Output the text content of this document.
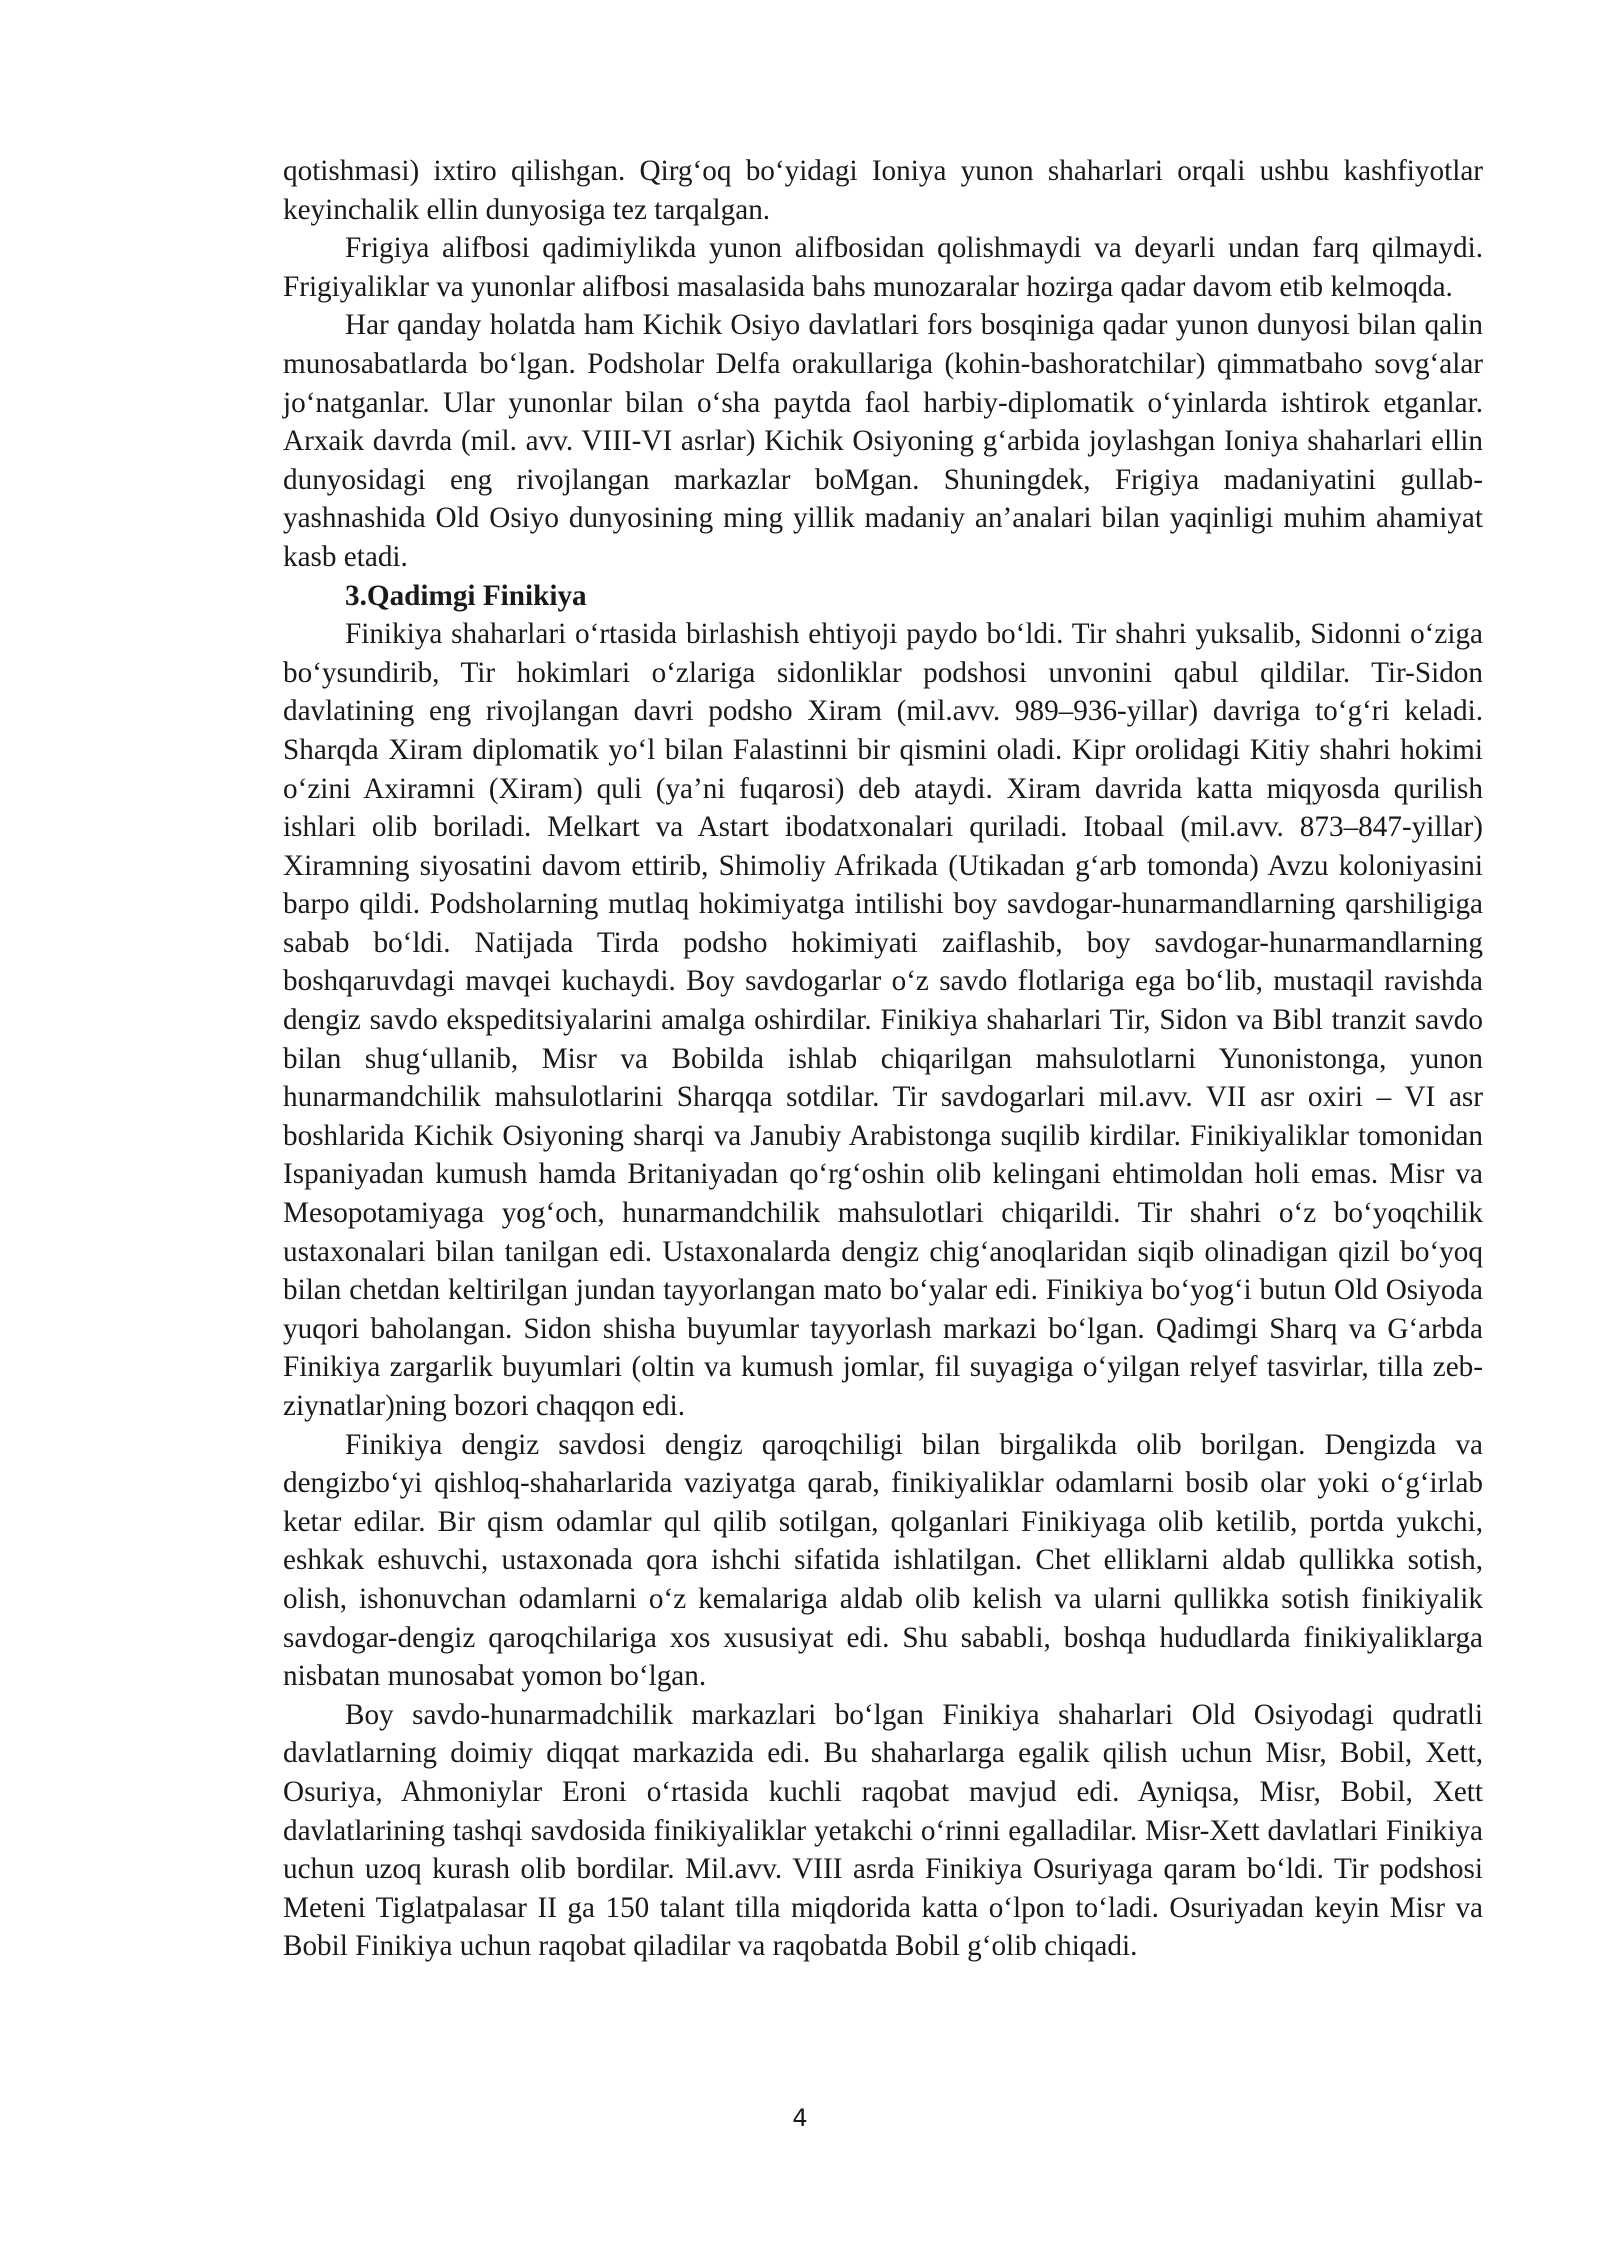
qotishmasi) ixtiro qilishgan. Qirg‘oq bo‘yidagi Ioniya yunon shaharlari orqali ushbu kashfiyotlar keyinchalik ellin dunyosiga tez tarqalgan.

Frigiya alifbosi qadimiylikda yunon alifbosidan qolishmaydi va deyarli undan farq qilmaydi. Frigiyaliklar va yunonlar alifbosi masalasida bahs munozaralar hozirga qadar davom etib kelmoqda.

Har qanday holatda ham Kichik Osiyo davlatlari fors bosqiniga qadar yunon dunyosi bilan qalin munosabatlarda bo‘lgan. Podsholar Delfa orakullariga (kohin-bashoratchilar) qimmatbaho sovg‘alar jo‘natganlar. Ular yunonlar bilan o‘sha paytda faol harbiy-diplomatik o‘yinlarda ishtirok etganlar. Arxaik davrda (mil. avv. VIII-VI asrlar) Kichik Osiyoning g‘arbida joylashgan Ioniya shaharlari ellin dunyosidagi eng rivojlangan markazlar boMgan. Shuningdek, Frigiya madaniyatini gullab-yashnashida Old Osiyo dunyosining ming yillik madaniy an’analari bilan yaqinligi muhim ahamiyat kasb etadi.

3.Qadimgi Finikiya

Finikiya shaharlari o‘rtasida birlashish ehtiyoji paydo bo‘ldi. Tir shahri yuksalib, Sidonni o‘ziga bo‘ysundirib, Tir hokimlari o‘zlariga sidonliklar podshosi unvonini qabul qildilar. Tir-Sidon davlatining eng rivojlangan davri podsho Xiram (mil.avv. 989–936-yillar) davriga to‘g‘ri keladi. Sharqda Xiram diplomatik yo‘l bilan Falastinni bir qismini oladi. Kipr orolidagi Kitiy shahri hokimi o‘zini Axiramni (Xiram) quli (ya’ni fuqarosi) deb ataydi. Xiram davrida katta miqyosda qurilish ishlari olib boriladi. Melkart va Astart ibodatxonalari quriladi. Itobaal (mil.avv. 873–847-yillar) Xiramning siyosatini davom ettirib, Shimoliy Afrikada (Utikadan g‘arb tomonda) Avzu koloniyasini barpo qildi. Podsholarning mutlaq hokimiyatga intilishi boy savdogar-hunarmandlarning qarshiligiga sabab bo‘ldi. Natijada Tirda podsho hokimiyati zaiflashib, boy savdogar-hunarmandlarning boshqaruvdagi mavqei kuchaydi. Boy savdogarlar o‘z savdo flotlariga ega bo‘lib, mustaqil ravishda dengiz savdo ekspeditsiyalarini amalga oshirdilar. Finikiya shaharlari Tir, Sidon va Bibl tranzit savdo bilan shug‘ullanib, Misr va Bobilda ishlab chiqarilgan mahsulotlarni Yunonistonga, yunon hunarmandchilik mahsulotlarini Sharqqa sotdilar. Tir savdogarlari mil.avv. VII asr oxiri – VI asr boshlarida Kichik Osiyoning sharqi va Janubiy Arabistonga suqilib kirdilar. Finikiyaliklar tomonidan Ispaniyadan kumush hamda Britaniyadan qo‘rg‘oshin olib kelingani ehtimoldan holi emas. Misr va Mesopotamiyaga yog‘och, hunarmandchilik mahsulotlari chiqarildi. Tir shahri o‘z bo‘yoqchilik ustaxonalari bilan tanilgan edi. Ustaxonalarda dengiz chig‘anoqlaridan siqib olinadigan qizil bo‘yoq bilan chetdan keltirilgan jundan tayyorlangan mato bo‘yalar edi. Finikiya bo‘yog‘i butun Old Osiyoda yuqori baholangan. Sidon shisha buyumlar tayyorlash markazi bo‘lgan. Qadimgi Sharq va G‘arbda Finikiya zargarlik buyumlari (oltin va kumush jomlar, fil suyagiga o‘yilgan relyef tasvirlar, tilla zeb-ziynatlar)ning bozori chaqqon edi.

Finikiya dengiz savdosi dengiz qaroqchiligi bilan birgalikda olib borilgan. Dengizda va dengizbo‘yi qishloq-shaharlarida vaziyatga qarab, finikiyaliklar odamlarni bosib olar yoki o‘g‘irlab ketar edilar. Bir qism odamlar qul qilib sotilgan, qolganlari Finikiyaga olib ketilib, portda yukchi, eshkak eshuvchi, ustaxonada qora ishchi sifatida ishlatilgan. Chet elliklarni aldab qullikka sotish, olish, ishonuvchan odamlarni o‘z kemalariga aldab olib kelish va ularni qullikka sotish finikiyalik savdogar-dengiz qaroqchilariga xos xususiyat edi. Shu sababli, boshqa hududlarda finikiyaliklarga nisbatan munosabat yomon bo‘lgan.

Boy savdo-hunarmadchilik markazlari bo‘lgan Finikiya shaharlari Old Osiyodagi qudratli davlatlarning doimiy diqqat markazida edi. Bu shaharlarga egalik qilish uchun Misr, Bobil, Xett, Osuriya, Ahmoniylar Eroni o‘rtasida kuchli raqobat mavjud edi. Ayniqsa, Misr, Bobil, Xett davlatlarining tashqi savdosida finikiyaliklar yetakchi o‘rinni egalladilar. Misr-Xett davlatlari Finikiya uchun uzoq kurash olib bordilar. Mil.avv. VIII asrda Finikiya Osuriyaga qaram bo‘ldi. Tir podshosi Meteni Tiglatpalasar II ga 150 talant tilla miqdorida katta o‘lpon to‘ladi. Osuriyadan keyin Misr va Bobil Finikiya uchun raqobat qiladilar va raqobatda Bobil g‘olib chiqadi.

4
